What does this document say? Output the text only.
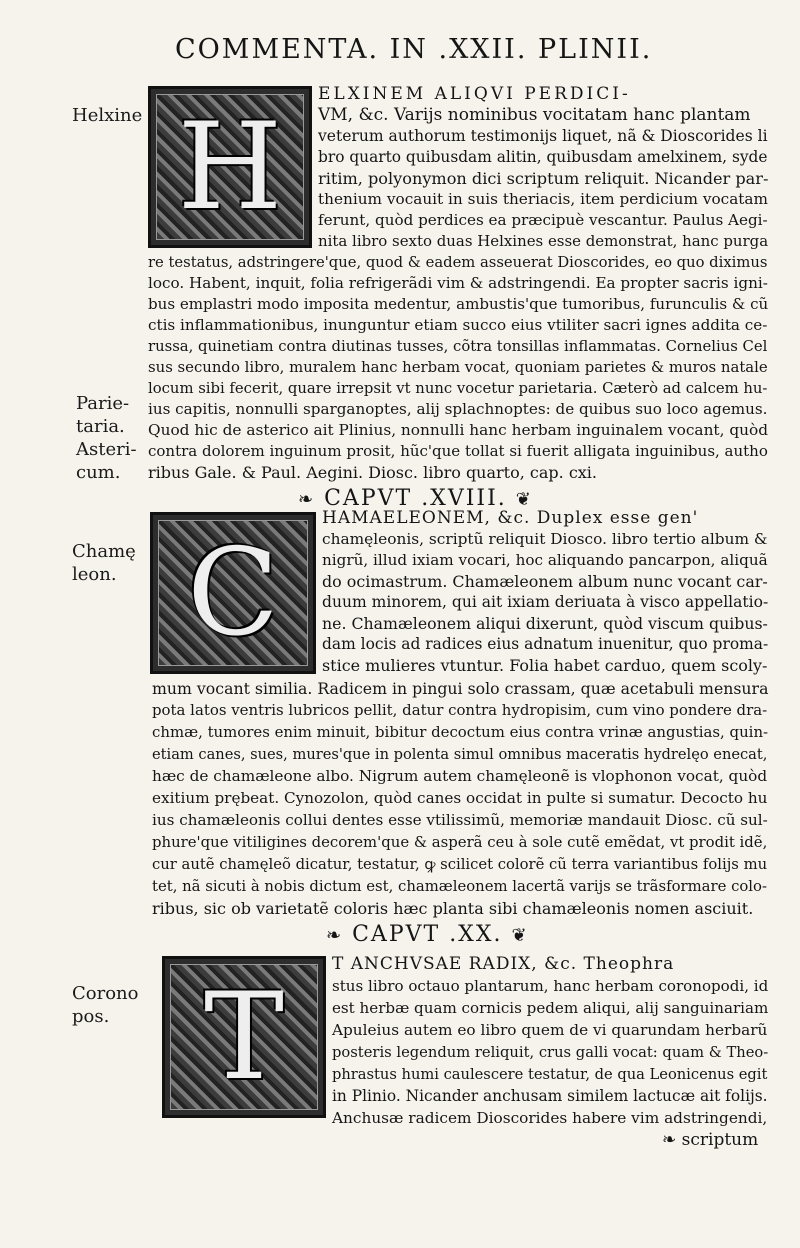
COMMENTA. IN .XXII. PLINII.
Helxine
Parie-
taria.
Asteri-
cum.
Chamę
leon.
Corono
pos.
H
ELXINEM ALIQVI PERDICI-
VM, &c. Varijs nominibus vocitatam hanc plantam
veterum authorum testimonijs liquet, nã & Dioscorides li
bro quarto quibusdam alitin, quibusdam amelxinem, syde
ritim, polyonymon dici scriptum reliquit. Nicander par-
thenium vocauit in suis theriacis, item perdicium vocatam
ferunt, quòd perdices ea præcipuè vescantur. Paulus Aegi-
nita libro sexto duas Helxines esse demonstrat, hanc purga
re testatus, adstringere'que, quod & eadem asseuerat Dioscorides, eo quo diximus
loco. Habent, inquit, folia refrigerãdi vim & adstringendi. Ea propter sacris igni-
bus emplastri modo imposita medentur, ambustis'que tumoribus, furunculis & cũ
ctis inflammationibus, inunguntur etiam succo eius vtiliter sacri ignes addita ce-
russa, quinetiam contra diutinas tusses, cõtra tonsillas inflammatas. Cornelius Cel
sus secundo libro, muralem hanc herbam vocat, quoniam parietes & muros natale
locum sibi fecerit, quare irrepsit vt nunc vocetur parietaria. Cæterò ad calcem hu-
ius capitis, nonnulli sparganoptes, alij splachnoptes: de quibus suo loco agemus.
Quod hic de asterico ait Plinius, nonnulli hanc herbam inguinalem vocant, quòd
contra dolorem inguinum prosit, hũc'que tollat si fuerit alligata inguinibus, autho
ribus Gale. & Paul. Aegini. Diosc. libro quarto, cap. cxi.
❧ CAPVT .XVIII. ❦
C
HAMAELEONEM, &c. Duplex esse gen'
chamęleonis, scriptũ reliquit Diosco. libro tertio album &
nigrũ, illud ixiam vocari, hoc aliquando pancarpon, aliquã
do ocimastrum. Chamæleonem album nunc vocant car-
duum minorem, qui ait ixiam deriuata à visco appellatio-
ne. Chamæleonem aliqui dixerunt, quòd viscum quibus-
dam locis ad radices eius adnatum inuenitur, quo proma-
stice mulieres vtuntur. Folia habet carduo, quem scoly-
mum vocant similia. Radicem in pingui solo crassam, quæ acetabuli mensura
pota latos ventris lubricos pellit, datur contra hydropisim, cum vino pondere dra-
chmæ, tumores enim minuit, bibitur decoctum eius contra vrinæ angustias, quin-
etiam canes, sues, mures'que in polenta simul omnibus maceratis hydrelęo enecat,
hæc de chamæleone albo. Nigrum autem chamęleonẽ is vlophonon vocat, quòd
exitium prębeat. Cynozolon, quòd canes occidat in pulte si sumatur. Decocto hu
ius chamæleonis collui dentes esse vtilissimũ, memoriæ mandauit Diosc. cũ sul-
phure'que vitiligines decorem'que & asperã ceu à sole cutẽ emẽdat, vt prodit idẽ,
cur autẽ chamęleõ dicatur, testatur, ꝙ scilicet colorẽ cũ terra variantibus folijs mu
tet, nã sicuti à nobis dictum est, chamæleonem lacertã varijs se trãsformare colo-
ribus, sic ob varietatẽ coloris hæc planta sibi chamæleonis nomen asciuit.
❧ CAPVT .XX. ❦
T
T ANCHVSAE RADIX, &c. Theophra
stus libro octauo plantarum, hanc herbam coronopodi, id
est herbæ quam cornicis pedem aliqui, alij sanguinariam
Apuleius autem eo libro quem de vi quarundam herbarũ
posteris legendum reliquit, crus galli vocat: quam & Theo-
phrastus humi caulescere testatur, de qua Leonicenus egit
in Plinio. Nicander anchusam similem lactucæ ait folijs.
Anchusæ radicem Dioscorides habere vim adstringendi,
❧ scriptum
